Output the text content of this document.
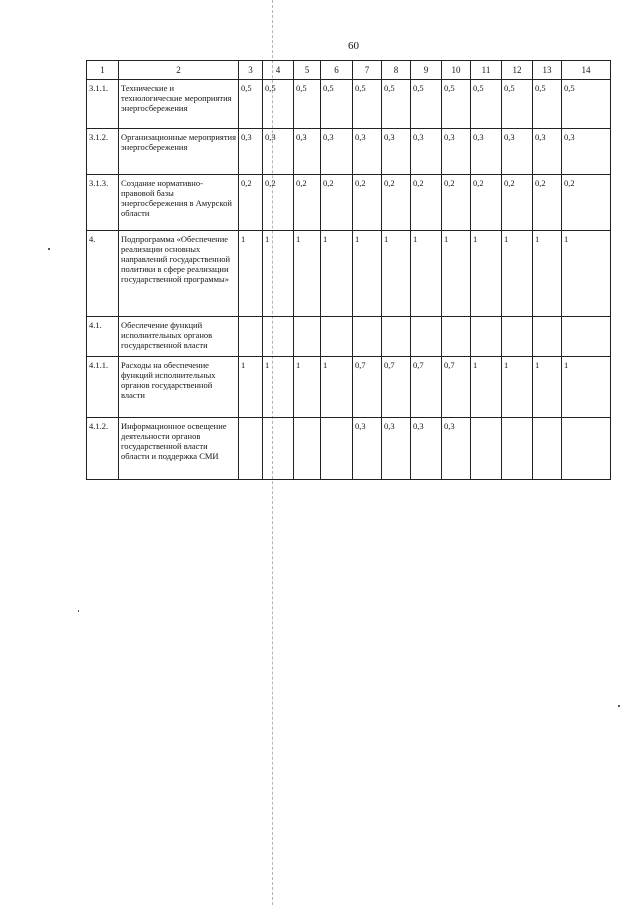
60
1	2	3	4	5	6	7	8	9	10	11	12	13	14
3.1.1.	Технические и технологические мероприятия энергосбережения	0,5	0,5	0,5	0,5	0,5	0,5	0,5	0,5	0,5	0,5	0,5	0,5
3.1.2.	Организационные мероприятия энергосбережения	0,3	0,3	0,3	0,3	0,3	0,3	0,3	0,3	0,3	0,3	0,3	0,3
3.1.3.	Создание нормативно-правовой базы энергосбережения в Амурской области	0,2	0,2	0,2	0,2	0,2	0,2	0,2	0,2	0,2	0,2	0,2	0,2
4.	Подпрограмма «Обеспечение реализации основных направлений государственной политики в сфере реализации государственной программы»	1	1	1	1	1	1	1	1	1	1	1	1
4.1.	Обеспечение функций исполнительных органов государственной власти												
4.1.1.	Расходы на обеспечение функций исполнительных органов государственной власти	1	1	1	1	0,7	0,7	0,7	0,7	1	1	1	1
4.1.2.	Информационное освещение деятельности органов государственной власти области и поддержка СМИ					0,3	0,3	0,3	0,3				
